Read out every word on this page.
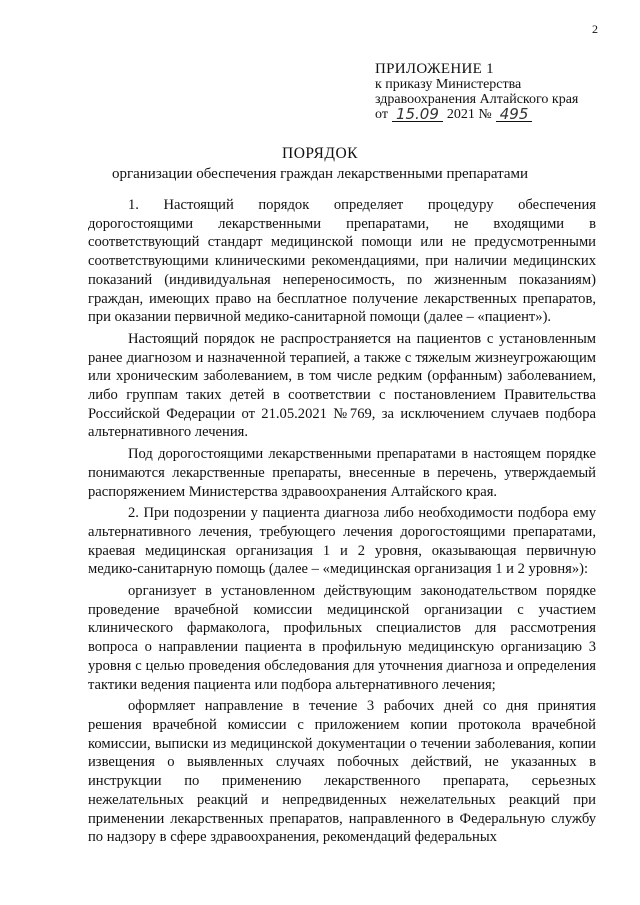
2
ПРИЛОЖЕНИЕ 1
к приказу Министерства
здравоохранения Алтайского края
от 15.09 2021 № 495
ПОРЯДОК
организации обеспечения граждан лекарственными препаратами

1. Настоящий порядок определяет процедуру обеспечения дорогостоящими лекарственными препаратами, не входящими в соответствующий стандарт медицинской помощи или не предусмотренными соответствующими клиническими рекомендациями, при наличии медицинских показаний (индивидуальная непереносимость, по жизненным показаниям) граждан, имеющих право на бесплатное получение лекарственных препаратов, при оказании первичной медико-санитарной помощи (далее – «пациент»).

Настоящий порядок не распространяется на пациентов с установленным ранее диагнозом и назначенной терапией, а также с тяжелым жизнеугрожающим или хроническим заболеванием, в том числе редким (орфанным) заболеванием, либо группам таких детей в соответствии с постановлением Правительства Российской Федерации от 21.05.2021 №769, за исключением случаев подбора альтернативного лечения.

Под дорогостоящими лекарственными препаратами в настоящем порядке понимаются лекарственные препараты, внесенные в перечень, утверждаемый распоряжением Министерства здравоохранения Алтайского края.

2. При подозрении у пациента диагноза либо необходимости подбора ему альтернативного лечения, требующего лечения дорогостоящими препаратами, краевая медицинская организация 1 и 2 уровня, оказывающая первичную медико-санитарную помощь (далее – «медицинская организация 1 и 2 уровня»):

организует в установленном действующим законодательством порядке проведение врачебной комиссии медицинской организации с участием клинического фармаколога, профильных специалистов для рассмотрения вопроса о направлении пациента в профильную медицинскую организацию 3 уровня с целью проведения обследования для уточнения диагноза и определения тактики ведения пациента или подбора альтернативного лечения;

оформляет направление в течение 3 рабочих дней со дня принятия решения врачебной комиссии с приложением копии протокола врачебной комиссии, выписки из медицинской документации о течении заболевания, копии извещения о выявленных случаях побочных действий, не указанных в инструкции по применению лекарственного препарата, серьезных нежелательных реакций и непредвиденных нежелательных реакций при применении лекарственных препаратов, направленного в Федеральную службу по надзору в сфере здравоохранения, рекомендаций федеральных
